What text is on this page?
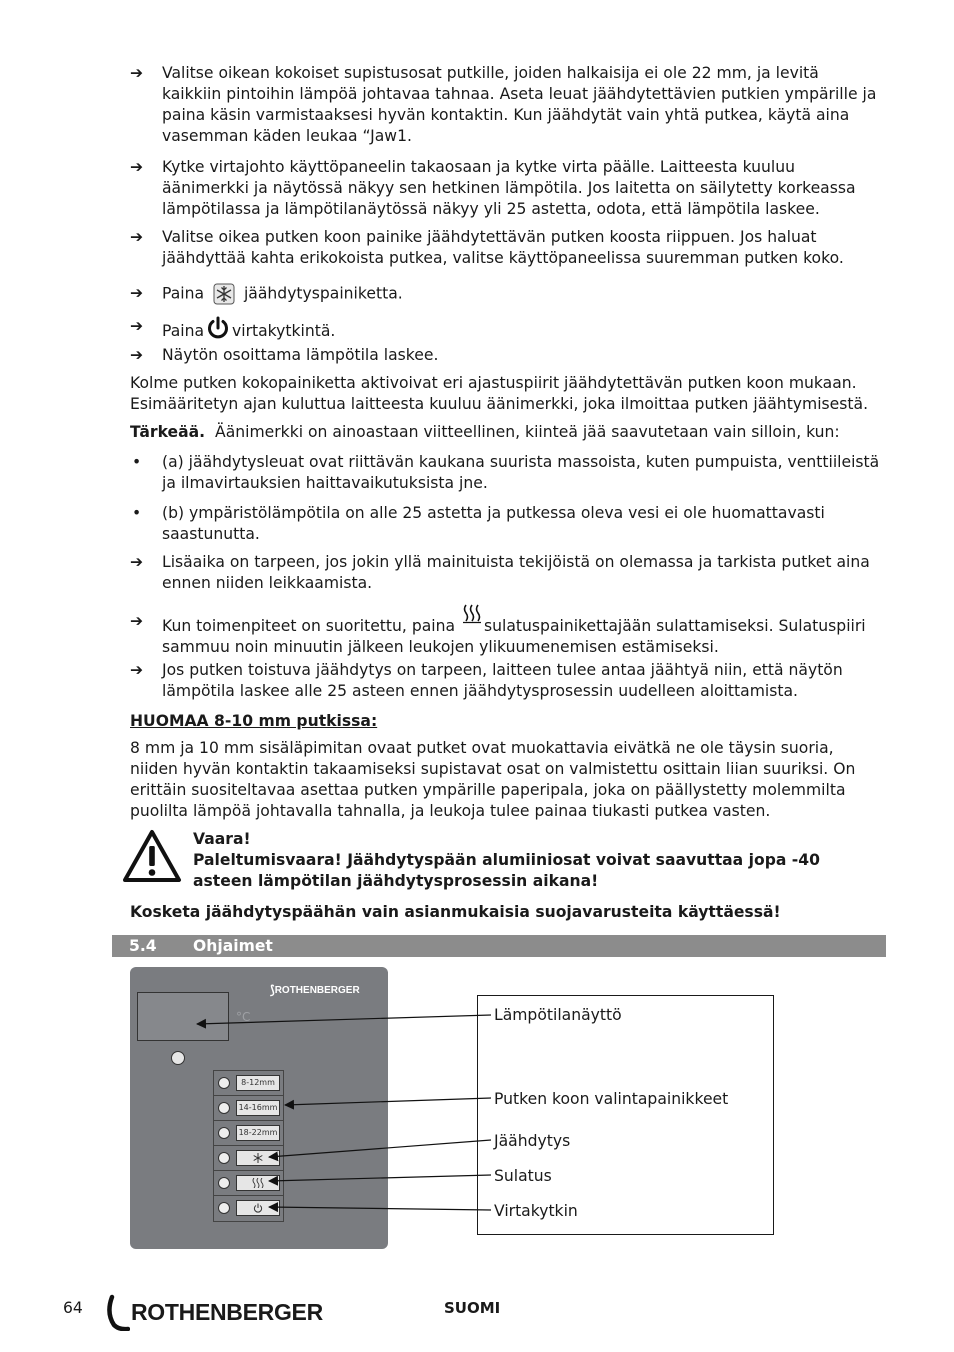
➔	Valitse oikean kokoiset supistusosat putkille, joiden halkaisija ei ole 22 mm, ja levitä kaikkiin pintoihin lämpöä johtavaa tahnaa. Aseta leuat jäähdytettävien putkien ympärille ja paina käsin varmistaaksesi hyvän kontaktin. Kun jäähdytät vain yhtä putkea, käytä aina vasemman käden leukaa “Jaw1.
➔	Kytke virtajohto käyttöpaneelin takaosaan ja kytke virta päälle. Laitteesta kuuluu äänimerkki ja näytössä näkyy sen hetkinen lämpötila. Jos laitetta on säilytetty korkeassa lämpötilassa ja lämpötilanäytössä näkyy yli 25 astetta, odota, että lämpötila laskee.
➔	Valitse oikea putken koon painike jäähdytettävän putken koosta riippuen. Jos haluat jäähdyttää kahta erikokoista putkea, valitse käyttöpaneelissa suuremman putken koko.
➔	Paina	jäähdytyspainiketta.
➔	Paina virtakytkintä.
➔	Näytön osoittama lämpötila laskee.
Kolme putken kokopainiketta aktivoivat eri ajastuspiirit jäähdytettävän putken koon mukaan. Esimääritetyn ajan kuluttua laitteesta kuuluu äänimerkki, joka ilmoittaa putken jäähtymisestä.
Tärkeää. Äänimerkki on ainoastaan viitteellinen, kiinteä jää saavutetaan vain silloin, kun:
•	(a) jäähdytysleuat ovat riittävän kaukana suurista massoista, kuten pumpuista, venttiileistä ja ilmavirtauksien haittavaikutuksista jne.
•	(b) ympäristölämpötila on alle 25 astetta ja putkessa oleva vesi ei ole huomattavasti saastunutta.
➔	Lisäaika on tarpeen, jos jokin yllä mainituista tekijöistä on olemassa ja tarkista putket aina ennen niiden leikkaamista.
➔	Kun toimenpiteet on suoritettu, paina sulatuspainikettajään sulattamiseksi. Sulatuspiiri sammuu noin minuutin jälkeen leukojen ylikuumenemisen estämiseksi.
➔	Jos putken toistuva jäähdytys on tarpeen, laitteen tulee antaa jäähtyä niin, että näytön lämpötila laskee alle 25 asteen ennen jäähdytysprosessin uudelleen aloittamista.
HUOMAA 8-10 mm putkissa:
8 mm ja 10 mm sisäläpimitan ovaat putket ovat muokattavia eivätkä ne ole täysin suoria, niiden hyvän kontaktin takaamiseksi supistavat osat on valmistettu osittain liian suuriksi. On erittäin suositeltavaa asettaa putken ympärille paperipala, joka on päällystetty molemmilta puolilta lämpöä johtavalla tahnalla, ja leukoja tulee painaa tiukasti putkea vasten.
Vaara!
Paleltumisvaara! Jäähdytyspään alumiiniosat voivat saavuttaa jopa -40 asteen lämpötilan jäähdytysprosessin aikana!
Kosketa jäähdytyspäähän vain asianmukaisia suojavarusteita käyttäessä!
5.4 Ohjaimet
⟆ROTHENBERGER
°C
8-12mm
14-16mm
18-22mm
Lämpötilanäyttö
Putken koon valintapainikkeet
Jäähdytys
Sulatus
Virtakytkin
64 ROTHENBERGER	SUOMI
